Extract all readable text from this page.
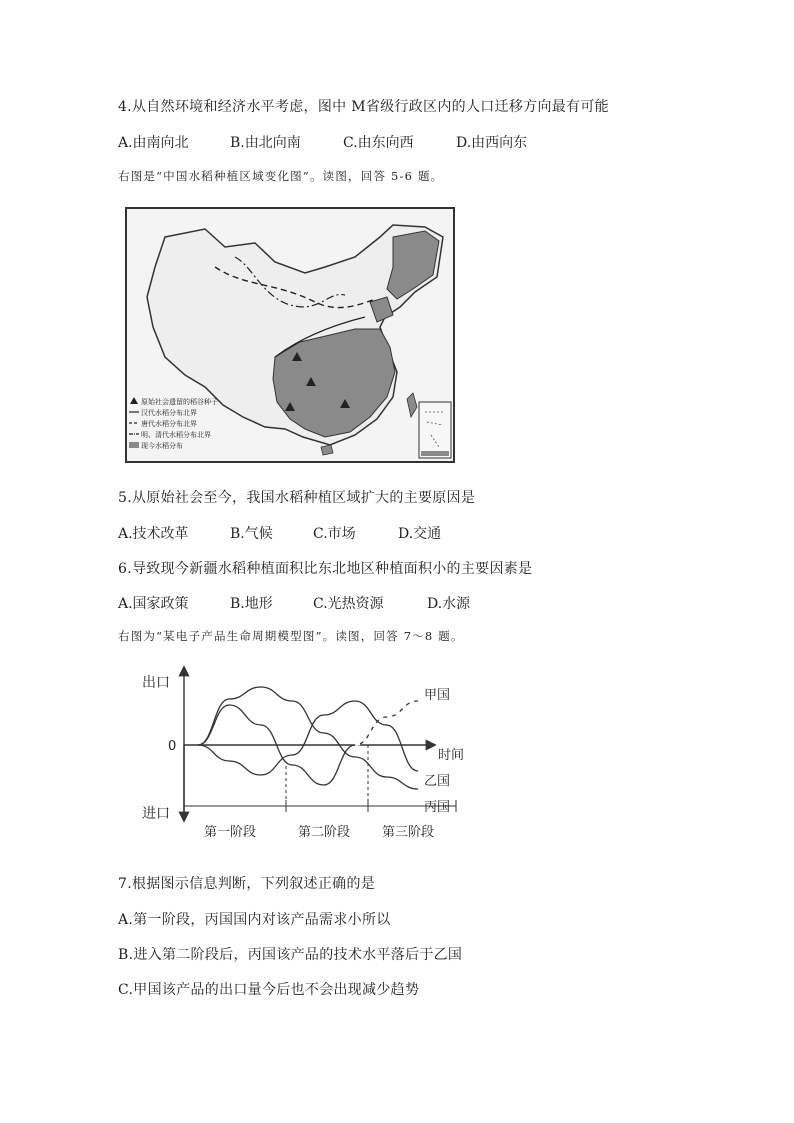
4.从自然环境和经济水平考虑，图中 M省级行政区内的人口迁移方向最有可能
A.由南向北	B.由北向南	C.由东向西	D.由西向东
右图是“中国水稻种植区域变化图”。读图，回答 5-6 题。
原始社会遗留的稻谷种子
汉代水稻分布北界
唐代水稻分布北界
明、清代水稻分布北界
现今水稻分布
5.从原始社会至今，我国水稻种植区域扩大的主要原因是
A.技术改革	B.气候	C.市场	D.交通
6.导致现今新疆水稻种植面积比东北地区种植面积小的主要因素是
A.国家政策	B.地形	C.光热资源	D.水源
右图为“某电子产品生命周期模型图”。读图，回答 7～8 题。
出口
进口
0
时间
第一阶段	第二阶段 第三阶段
甲国
乙国
丙国
7.根据图示信息判断，下列叙述正确的是
A.第一阶段，丙国国内对该产品需求小所以
B.进入第二阶段后，丙国该产品的技术水平落后于乙国
C.甲国该产品的出口量今后也不会出现减少趋势
